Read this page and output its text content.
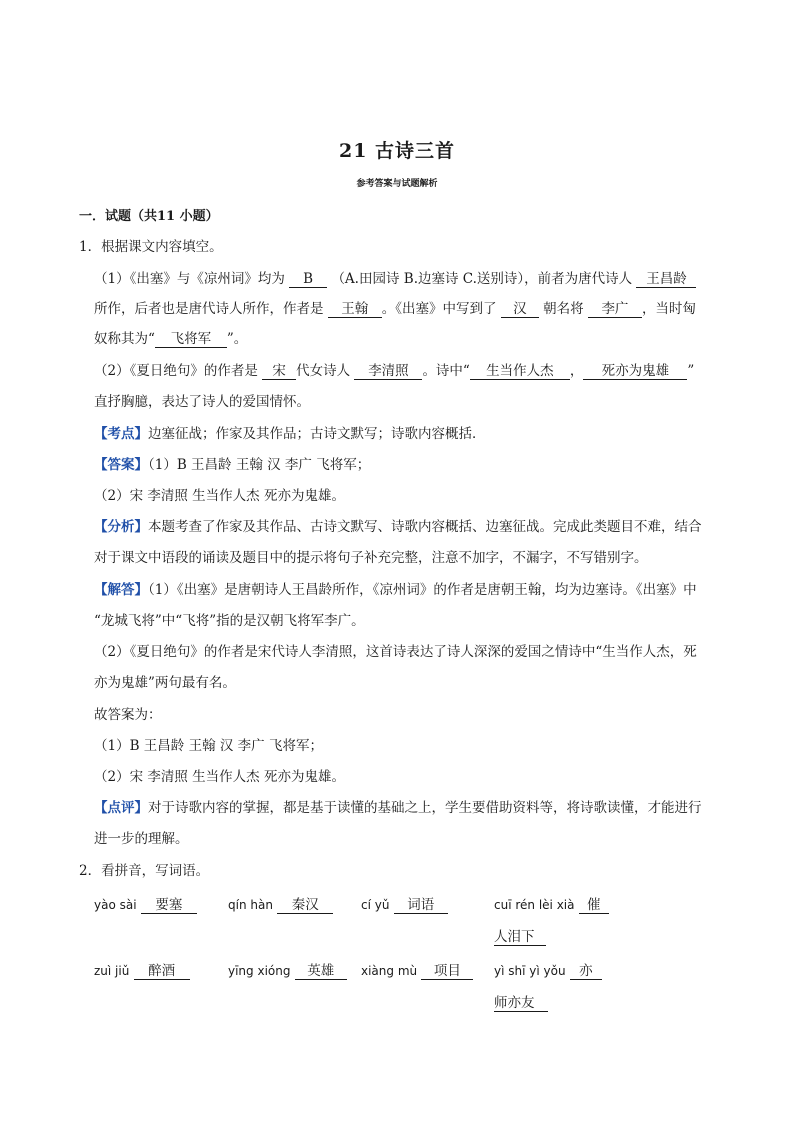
21 古诗三首
参考答案与试题解析
一．试题（共11 小题）
1．根据课文内容填空。
（1）《出塞》与《凉州词》均为 B （A.田园诗 B.边塞诗 C.送别诗），前者为唐代诗人 王昌龄
所作，后者也是唐代诗人所作，作者是 王翰 。《出塞》中写到了 汉 朝名将 李广 ，当时匈
奴称其为“ 飞将军 ”。
（2）《夏日绝句》的作者是 宋 代女诗人 李清照 。诗中“ 生当作人杰 ， 死亦为鬼雄 ”
直抒胸臆，表达了诗人的爱国情怀。
【考点】边塞征战；作家及其作品；古诗文默写；诗歌内容概括．
【答案】（1）B 王昌龄 王翰 汉 李广 飞将军；
（2）宋 李清照 生当作人杰 死亦为鬼雄。
【分析】本题考查了作家及其作品、古诗文默写、诗歌内容概括、边塞征战。完成此类题目不难，结合
对于课文中语段的诵读及题目中的提示将句子补充完整，注意不加字，不漏字，不写错别字。
【解答】（1）《出塞》是唐朝诗人王昌龄所作，《凉州词》的作者是唐朝王翰，均为边塞诗。《出塞》中
“龙城飞将”中“飞将”指的是汉朝飞将军李广。
（2）《夏日绝句》的作者是宋代诗人李清照，这首诗表达了诗人深深的爱国之情诗中“生当作人杰，死
亦为鬼雄”两句最有名。
故答案为：
（1）B 王昌龄 王翰 汉 李广 飞将军；
（2）宋 李清照 生当作人杰 死亦为鬼雄。
【点评】对于诗歌内容的掌握，都是基于读懂的基础之上，学生要借助资料等，将诗歌读懂，才能进行
进一步的理解。
2．看拼音，写词语。
yào sài 要塞	qín hàn 秦汉	cí yǔ 词语	cuī rén lèi xià 催
人泪下
zuì jiǔ 醉酒	yīng xióng 英雄	xiàng mù 项目	yì shī yì yǒu 亦
师亦友
